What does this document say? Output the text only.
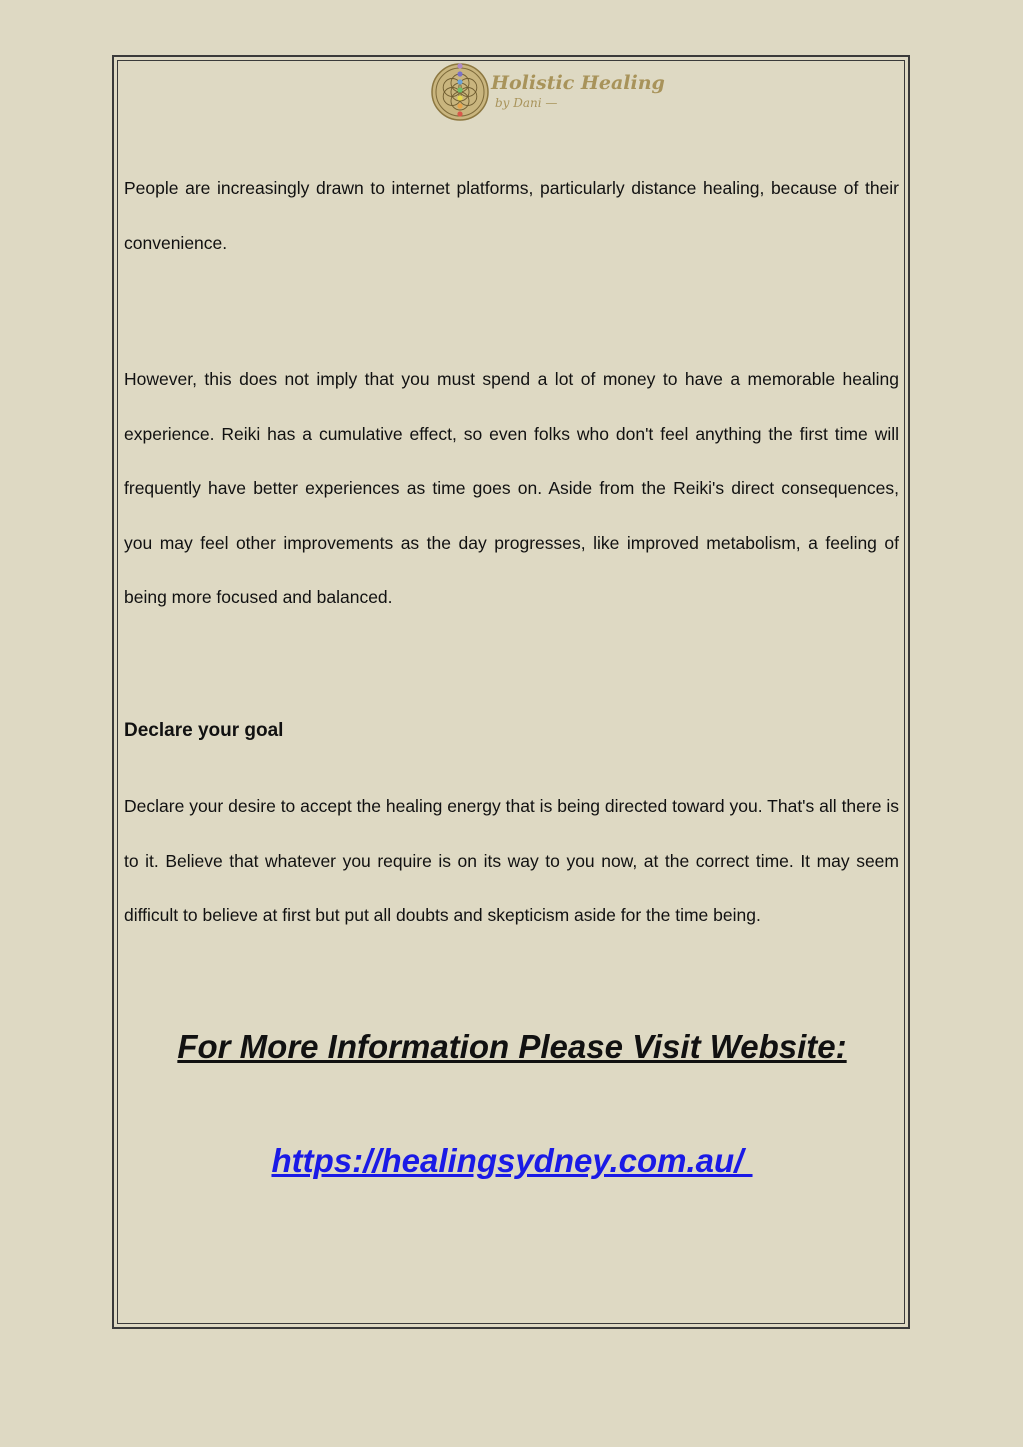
Holistic Healing
by Dani —

People are increasingly drawn to internet platforms, particularly distance healing, because of their convenience.

However, this does not imply that you must spend a lot of money to have a memorable healing experience. Reiki has a cumulative effect, so even folks who don't feel anything the first time will frequently have better experiences as time goes on. Aside from the Reiki's direct consequences, you may feel other improvements as the day progresses, like improved metabolism, a feeling of being more focused and balanced.

Declare your goal

Declare your desire to accept the healing energy that is being directed toward you. That's all there is to it. Believe that whatever you require is on its way to you now, at the correct time. It may seem difficult to believe at first but put all doubts and skepticism aside for the time being.

For More Information Please Visit Website:
https://healingsydney.com.au/
